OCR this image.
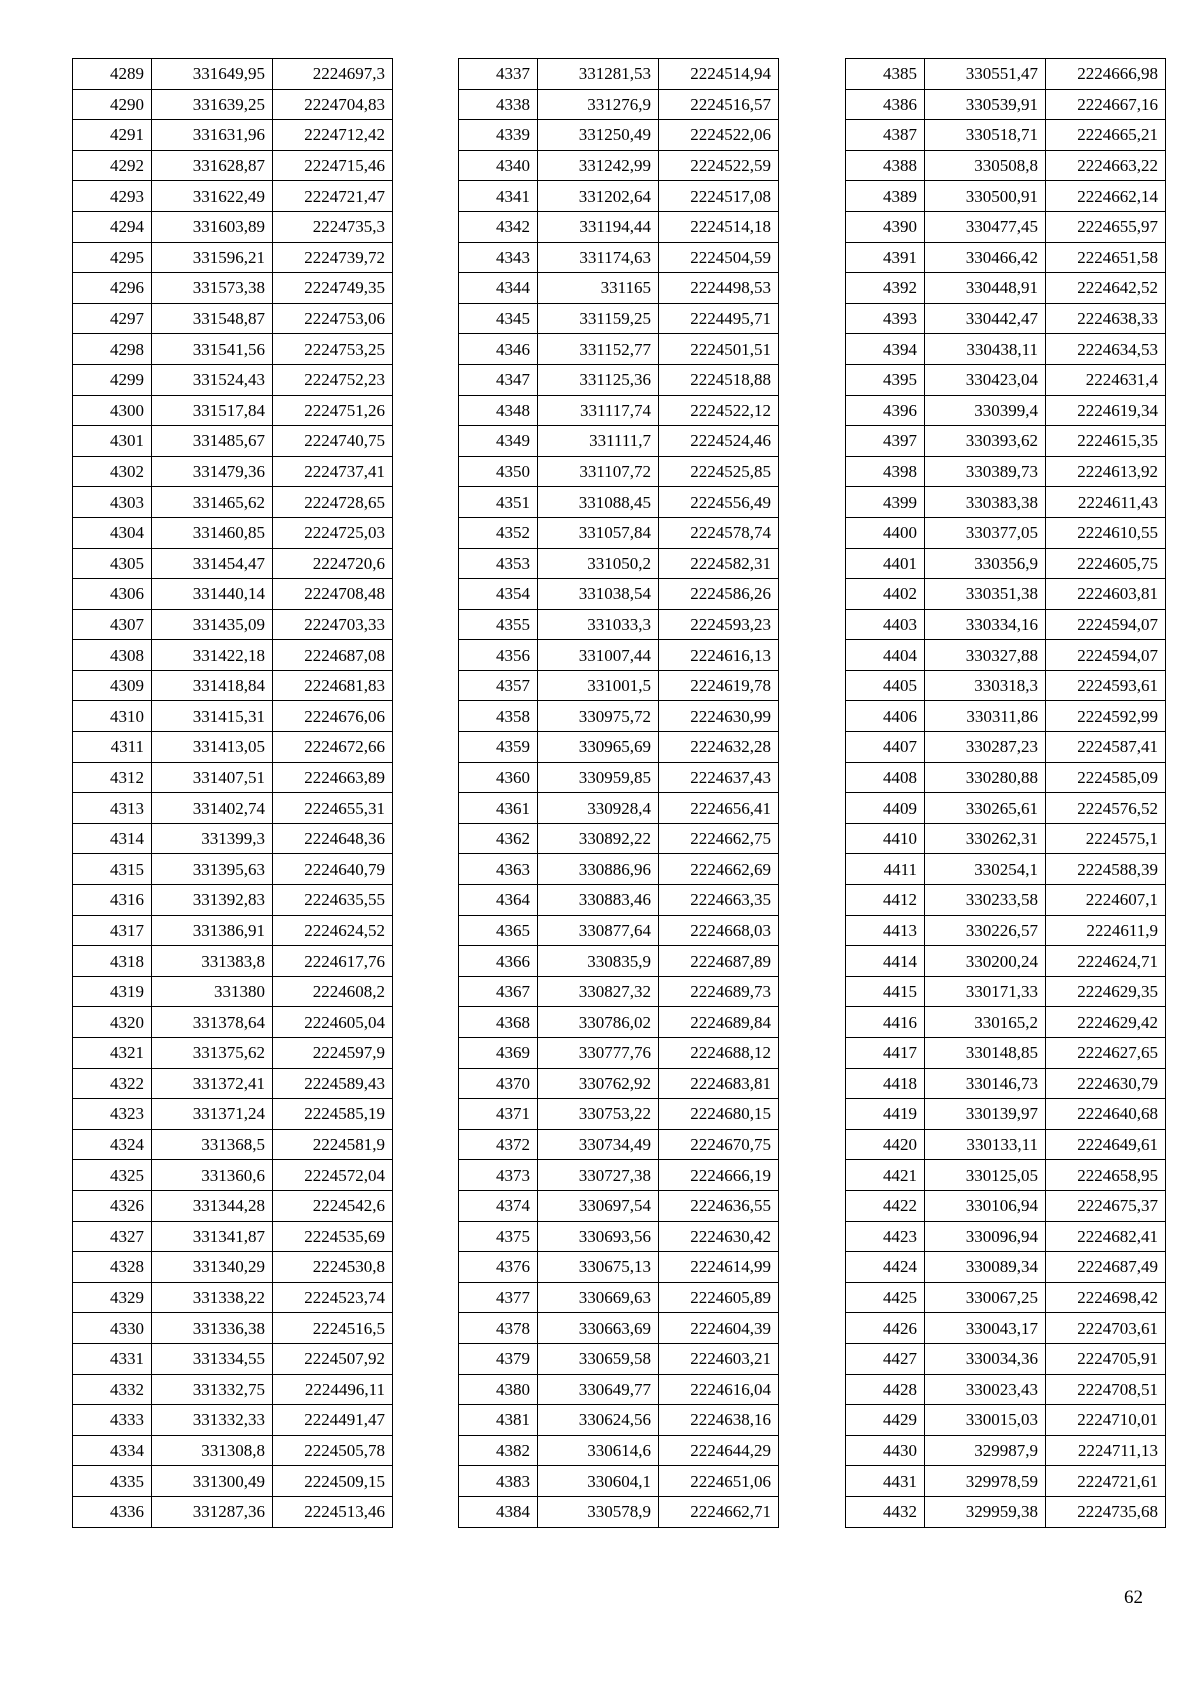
4289	331649,95	2224697,3
4290	331639,25	2224704,83
4291	331631,96	2224712,42
4292	331628,87	2224715,46
4293	331622,49	2224721,47
4294	331603,89	2224735,3
4295	331596,21	2224739,72
4296	331573,38	2224749,35
4297	331548,87	2224753,06
4298	331541,56	2224753,25
4299	331524,43	2224752,23
4300	331517,84	2224751,26
4301	331485,67	2224740,75
4302	331479,36	2224737,41
4303	331465,62	2224728,65
4304	331460,85	2224725,03
4305	331454,47	2224720,6
4306	331440,14	2224708,48
4307	331435,09	2224703,33
4308	331422,18	2224687,08
4309	331418,84	2224681,83
4310	331415,31	2224676,06
4311	331413,05	2224672,66
4312	331407,51	2224663,89
4313	331402,74	2224655,31
4314	331399,3	2224648,36
4315	331395,63	2224640,79
4316	331392,83	2224635,55
4317	331386,91	2224624,52
4318	331383,8	2224617,76
4319	331380	2224608,2
4320	331378,64	2224605,04
4321	331375,62	2224597,9
4322	331372,41	2224589,43
4323	331371,24	2224585,19
4324	331368,5	2224581,9
4325	331360,6	2224572,04
4326	331344,28	2224542,6
4327	331341,87	2224535,69
4328	331340,29	2224530,8
4329	331338,22	2224523,74
4330	331336,38	2224516,5
4331	331334,55	2224507,92
4332	331332,75	2224496,11
4333	331332,33	2224491,47
4334	331308,8	2224505,78
4335	331300,49	2224509,15
4336	331287,36	2224513,46
4337	331281,53	2224514,94
4338	331276,9	2224516,57
4339	331250,49	2224522,06
4340	331242,99	2224522,59
4341	331202,64	2224517,08
4342	331194,44	2224514,18
4343	331174,63	2224504,59
4344	331165	2224498,53
4345	331159,25	2224495,71
4346	331152,77	2224501,51
4347	331125,36	2224518,88
4348	331117,74	2224522,12
4349	331111,7	2224524,46
4350	331107,72	2224525,85
4351	331088,45	2224556,49
4352	331057,84	2224578,74
4353	331050,2	2224582,31
4354	331038,54	2224586,26
4355	331033,3	2224593,23
4356	331007,44	2224616,13
4357	331001,5	2224619,78
4358	330975,72	2224630,99
4359	330965,69	2224632,28
4360	330959,85	2224637,43
4361	330928,4	2224656,41
4362	330892,22	2224662,75
4363	330886,96	2224662,69
4364	330883,46	2224663,35
4365	330877,64	2224668,03
4366	330835,9	2224687,89
4367	330827,32	2224689,73
4368	330786,02	2224689,84
4369	330777,76	2224688,12
4370	330762,92	2224683,81
4371	330753,22	2224680,15
4372	330734,49	2224670,75
4373	330727,38	2224666,19
4374	330697,54	2224636,55
4375	330693,56	2224630,42
4376	330675,13	2224614,99
4377	330669,63	2224605,89
4378	330663,69	2224604,39
4379	330659,58	2224603,21
4380	330649,77	2224616,04
4381	330624,56	2224638,16
4382	330614,6	2224644,29
4383	330604,1	2224651,06
4384	330578,9	2224662,71
4385	330551,47	2224666,98
4386	330539,91	2224667,16
4387	330518,71	2224665,21
4388	330508,8	2224663,22
4389	330500,91	2224662,14
4390	330477,45	2224655,97
4391	330466,42	2224651,58
4392	330448,91	2224642,52
4393	330442,47	2224638,33
4394	330438,11	2224634,53
4395	330423,04	2224631,4
4396	330399,4	2224619,34
4397	330393,62	2224615,35
4398	330389,73	2224613,92
4399	330383,38	2224611,43
4400	330377,05	2224610,55
4401	330356,9	2224605,75
4402	330351,38	2224603,81
4403	330334,16	2224594,07
4404	330327,88	2224594,07
4405	330318,3	2224593,61
4406	330311,86	2224592,99
4407	330287,23	2224587,41
4408	330280,88	2224585,09
4409	330265,61	2224576,52
4410	330262,31	2224575,1
4411	330254,1	2224588,39
4412	330233,58	2224607,1
4413	330226,57	2224611,9
4414	330200,24	2224624,71
4415	330171,33	2224629,35
4416	330165,2	2224629,42
4417	330148,85	2224627,65
4418	330146,73	2224630,79
4419	330139,97	2224640,68
4420	330133,11	2224649,61
4421	330125,05	2224658,95
4422	330106,94	2224675,37
4423	330096,94	2224682,41
4424	330089,34	2224687,49
4425	330067,25	2224698,42
4426	330043,17	2224703,61
4427	330034,36	2224705,91
4428	330023,43	2224708,51
4429	330015,03	2224710,01
4430	329987,9	2224711,13
4431	329978,59	2224721,61
4432	329959,38	2224735,68
62
